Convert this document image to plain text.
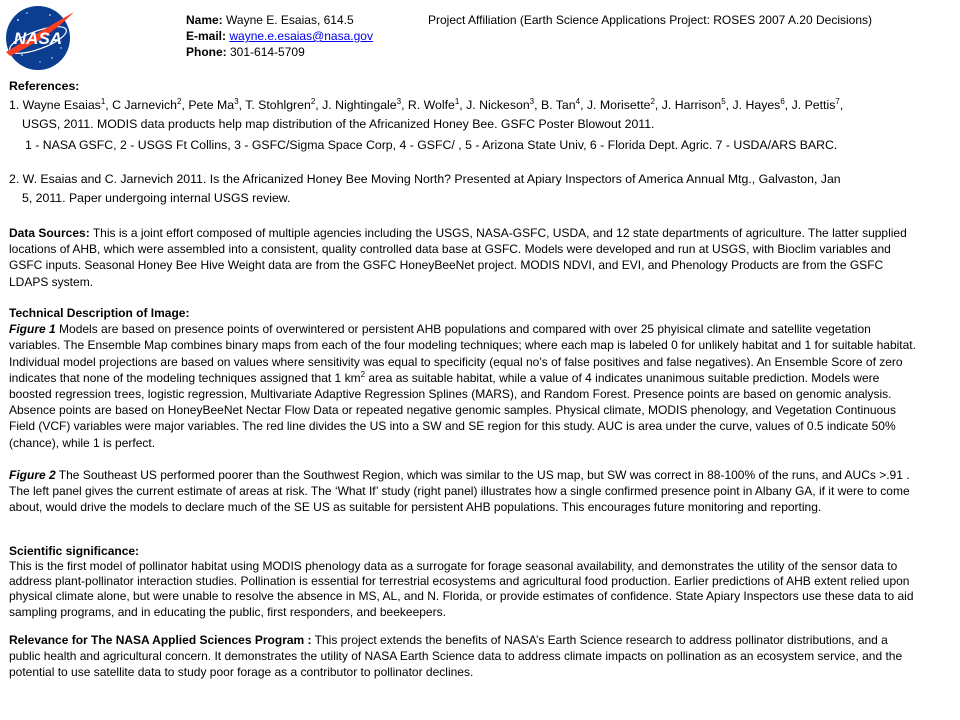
NASA
Name: Wayne E. Esaias, 614.5	Project Affiliation (Earth Science Applications Project: ROSES 2007 A.20 Decisions)
E-mail: wayne.e.esaias@nasa.gov
Phone: 301-614-5709
References:
1. Wayne Esaias$^1$, C Jarnevich$^2$, Pete Ma$^3$, T. Stohlgren$^2$, J. Nightingale$^3$, R. Wolfe$^1$, J. Nickeson$^3$, B. Tan$^4$, J. Morisette$^2$, J. Harrison$^5$, J. Hayes$^6$, J. Pettis$^7$,
USGS, 2011. MODIS data products help map distribution of the Africanized Honey Bee. GSFC Poster Blowout 2011.
1 - NASA GSFC, 2 - USGS Ft Collins, 3 - GSFC/Sigma Space Corp, 4 - GSFC/ , 5 - Arizona State Univ, 6 - Florida Dept. Agric. 7 - USDA/ARS BARC.
2. W. Esaias and C. Jarnevich 2011. Is the Africanized Honey Bee Moving North? Presented at Apiary Inspectors of America Annual Mtg., Galvaston, Jan
5, 2011. Paper undergoing internal USGS review.
Data Sources: This is a joint effort composed of multiple agencies including the USGS, NASA-GSFC, USDA, and 12 state departments of agriculture. The latter supplied locations of AHB, which were assembled into a consistent, quality controlled data base at GSFC. Models were developed and run at USGS, with Bioclim variables and GSFC inputs. Seasonal Honey Bee Hive Weight data are from the GSFC HoneyBeeNet project. MODIS NDVI, and EVI, and Phenology Products are from the GSFC LDAPS system.
Technical Description of Image:
Figure 1 Models are based on presence points of overwintered or persistent AHB populations and compared with over 25 phyisical climate and satellite vegetation variables. The Ensemble Map combines binary maps from each of the four modeling techniques; where each map is labeled 0 for unlikely habitat and 1 for suitable habitat. Individual model projections are based on values where sensitivity was equal to specificity (equal no’s of false positives and false negatives). An Ensemble Score of zero indicates that none of the modeling techniques assigned that 1 $km^2$ area as suitable habitat, while a value of 4 indicates unanimous suitable prediction. Models were boosted regression trees, logistic regression, Multivariate Adaptive Regression Splines (MARS), and Random Forest. Presence points are based on genomic analysis. Absence points are based on HoneyBeeNet Nectar Flow Data or repeated negative genomic samples. Physical climate, MODIS phenology, and Vegetation Continuous Field (VCF) variables were major variables. The red line divides the US into a SW and SE region for this study. AUC is area under the curve, values of 0.5 indicate 50% (chance), while 1 is perfect.
Figure 2 The Southeast US performed poorer than the Southwest Region, which was similar to the US map, but SW was correct in 88-100% of the runs, and AUCs >.91 . The left panel gives the current estimate of areas at risk. The ‘What If’ study (right panel) illustrates how a single confirmed presence point in Albany GA, if it were to come about, would drive the models to declare much of the SE US as suitable for persistent AHB populations. This encourages future monitoring and reporting.
Scientific significance:
This is the first model of pollinator habitat using MODIS phenology data as a surrogate for forage seasonal availability, and demonstrates the utility of the sensor data to address plant-pollinator interaction studies. Pollination is essential for terrestrial ecosystems and agricultural food production. Earlier predictions of AHB extent relied upon physical climate alone, but were unable to resolve the absence in MS, AL, and N. Florida, or provide estimates of confidence. State Apiary Inspectors use these data to aid sampling programs, and in educating the public, first responders, and beekeepers.
Relevance for The NASA Applied Sciences Program : This project extends the benefits of NASA’s Earth Science research to address pollinator distributions, and a public health and agricultural concern. It demonstrates the utility of NASA Earth Science data to address climate impacts on pollination as an ecosystem service, and the potential to use satellite data to study poor forage as a contributor to pollinator declines.
